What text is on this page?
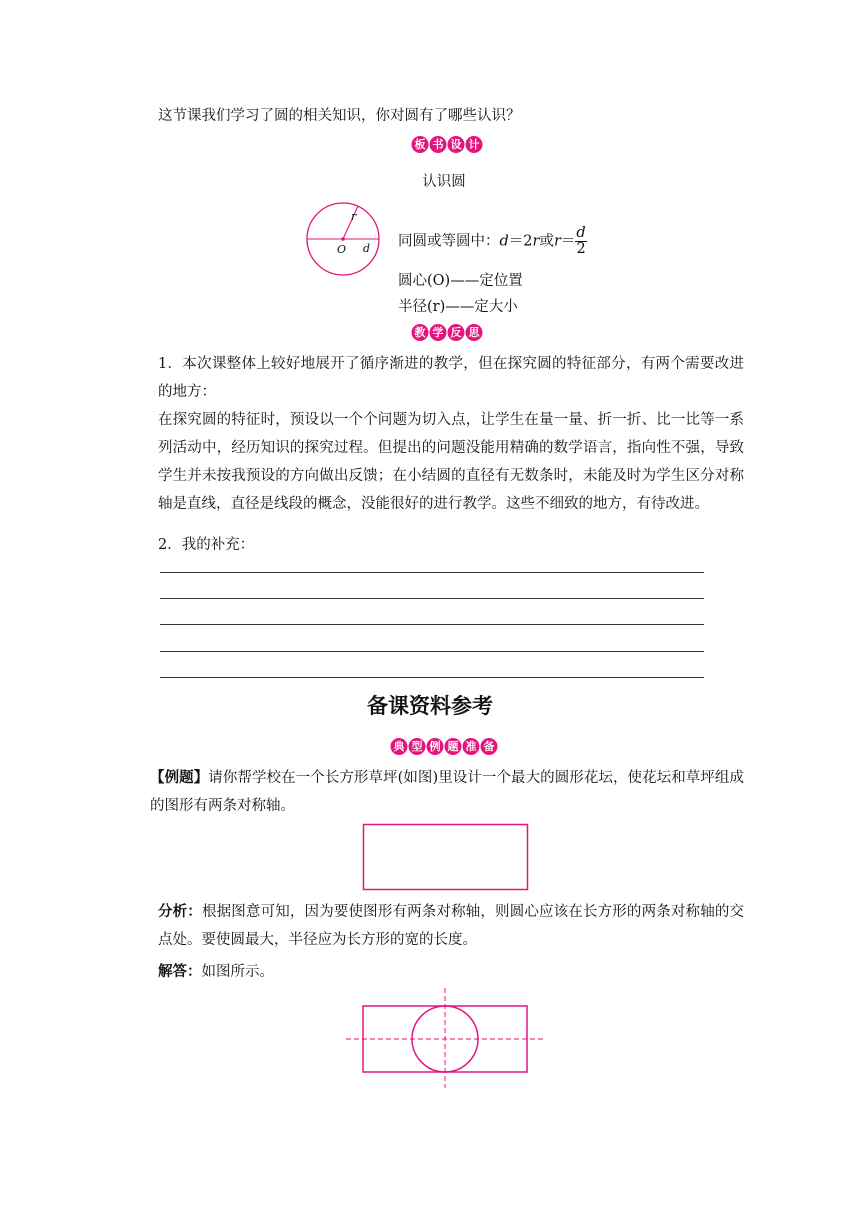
这节课我们学习了圆的相关知识，你对圆有了哪些认识？
板 书 设 计
认识圆
r
O d 同圆或等圆中：d＝2r或$r= \frac{d}{2}$
圆心(O)——定位置
半径(r)——定大小
教 学 反 思
1．本次课整体上较好地展开了循序渐进的教学，但在探究圆的特征部分，有两个需要改进的地方：
在探究圆的特征时，预设以一个个问题为切入点，让学生在量一量、折一折、比一比等一系列活动中，经历知识的探究过程。但提出的问题没能用精确的数学语言，指向性不强，导致学生并未按我预设的方向做出反馈；在小结圆的直径有无数条时，未能及时为学生区分对称轴是直线，直径是线段的概念，没能很好的进行教学。这些不细致的地方，有待改进。
2．我的补充：
备课资料参考
典 型 例 题 准 备
【例题】请你帮学校在一个长方形草坪(如图)里设计一个最大的圆形花坛，使花坛和草坪组成的图形有两条对称轴。
分析：根据图意可知，因为要使图形有两条对称轴，则圆心应该在长方形的两条对称轴的交点处。要使圆最大，半径应为长方形的宽的长度。
解答：如图所示。
